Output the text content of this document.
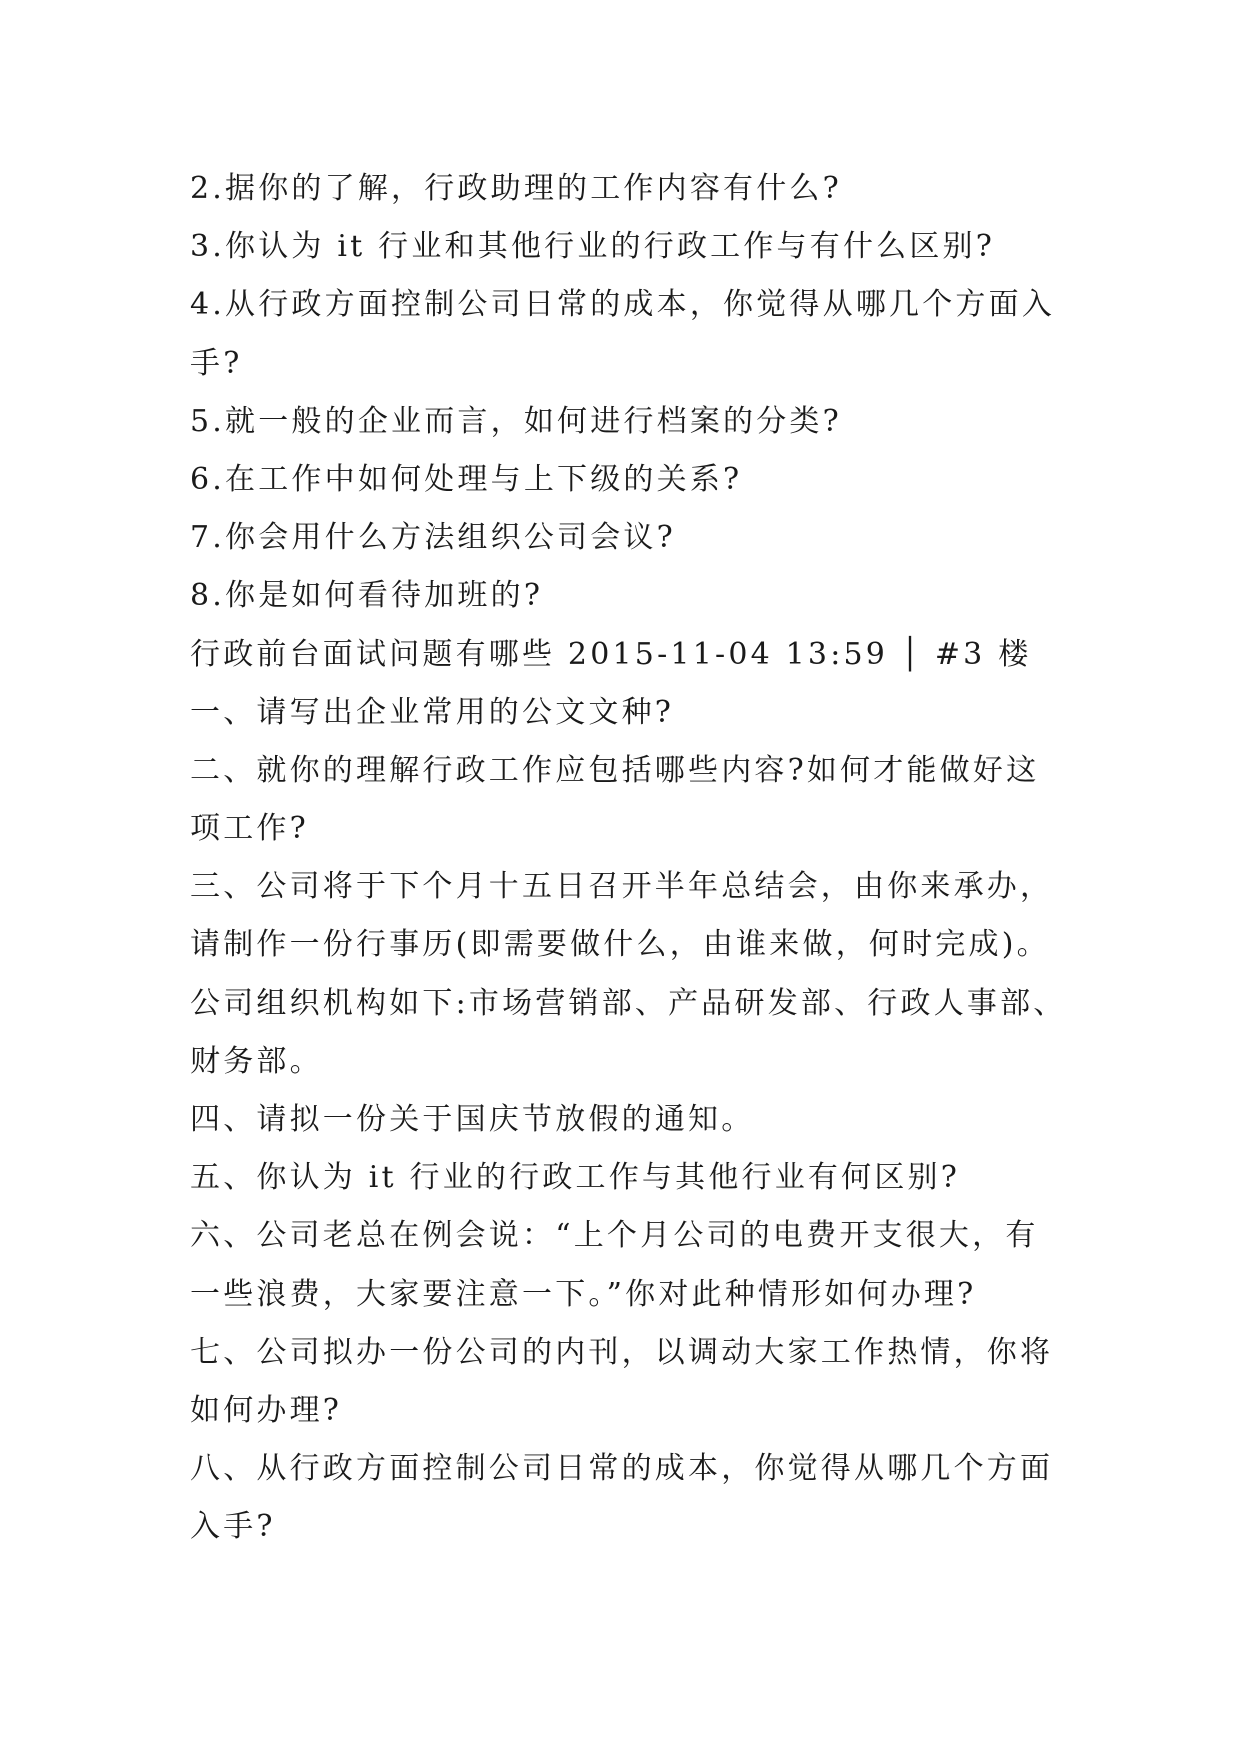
2.据你的了解，行政助理的工作内容有什么?
3.你认为 it 行业和其他行业的行政工作与有什么区别?
4.从行政方面控制公司日常的成本，你觉得从哪几个方面入
手?
5.就一般的企业而言，如何进行档案的分类?
6.在工作中如何处理与上下级的关系?
7.你会用什么方法组织公司会议?
8.你是如何看待加班的?
行政前台面试问题有哪些 2015-11-04 13:59 │ #3 楼
一、请写出企业常用的公文文种?
二、就你的理解行政工作应包括哪些内容?如何才能做好这
项工作?
三、公司将于下个月十五日召开半年总结会，由你来承办，
请制作一份行事历(即需要做什么，由谁来做，何时完成)。
公司组织机构如下:市场营销部、产品研发部、行政人事部、
财务部。
四、请拟一份关于国庆节放假的通知。
五、你认为 it 行业的行政工作与其他行业有何区别?
六、公司老总在例会说：“上个月公司的电费开支很大，有
一些浪费，大家要注意一下。”你对此种情形如何办理?
七、公司拟办一份公司的内刊，以调动大家工作热情，你将
如何办理?
八、从行政方面控制公司日常的成本，你觉得从哪几个方面
入手?
